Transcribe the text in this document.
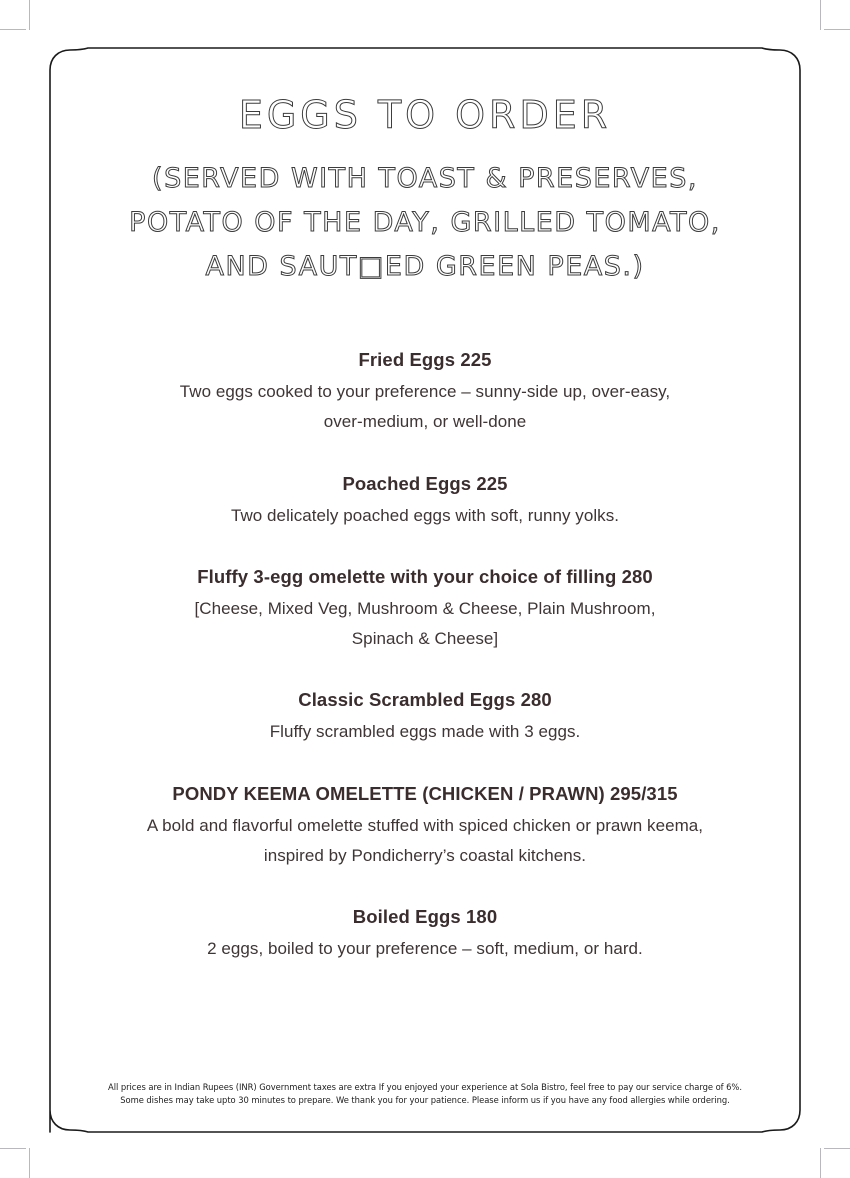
EGGS TO ORDER
(SERVED WITH TOAST & PRESERVES,
POTATO OF THE DAY, GRILLED TOMATO,
AND SAUT□ED GREEN PEAS.)
Fried Eggs 225

Two eggs cooked to your preference – sunny-side up, over-easy,
over-medium, or well-done

Poached Eggs 225

Two delicately poached eggs with soft, runny yolks.

Fluffy 3-egg omelette with your choice of filling 280

[Cheese, Mixed Veg, Mushroom & Cheese, Plain Mushroom,
Spinach & Cheese]

Classic Scrambled Eggs 280

Fluffy scrambled eggs made with 3 eggs.

PONDY KEEMA OMELETTE (CHICKEN / PRAWN) 295/315

A bold and flavorful omelette stuffed with spiced chicken or prawn keema,
inspired by Pondicherry’s coastal kitchens.

Boiled Eggs 180

2 eggs, boiled to your preference – soft, medium, or hard.

All prices are in Indian Rupees (INR) Government taxes are extra If you enjoyed your experience at Sola Bistro, feel free to pay our service charge of 6%.
Some dishes may take upto 30 minutes to prepare. We thank you for your patience. Please inform us if you have any food allergies while ordering.
